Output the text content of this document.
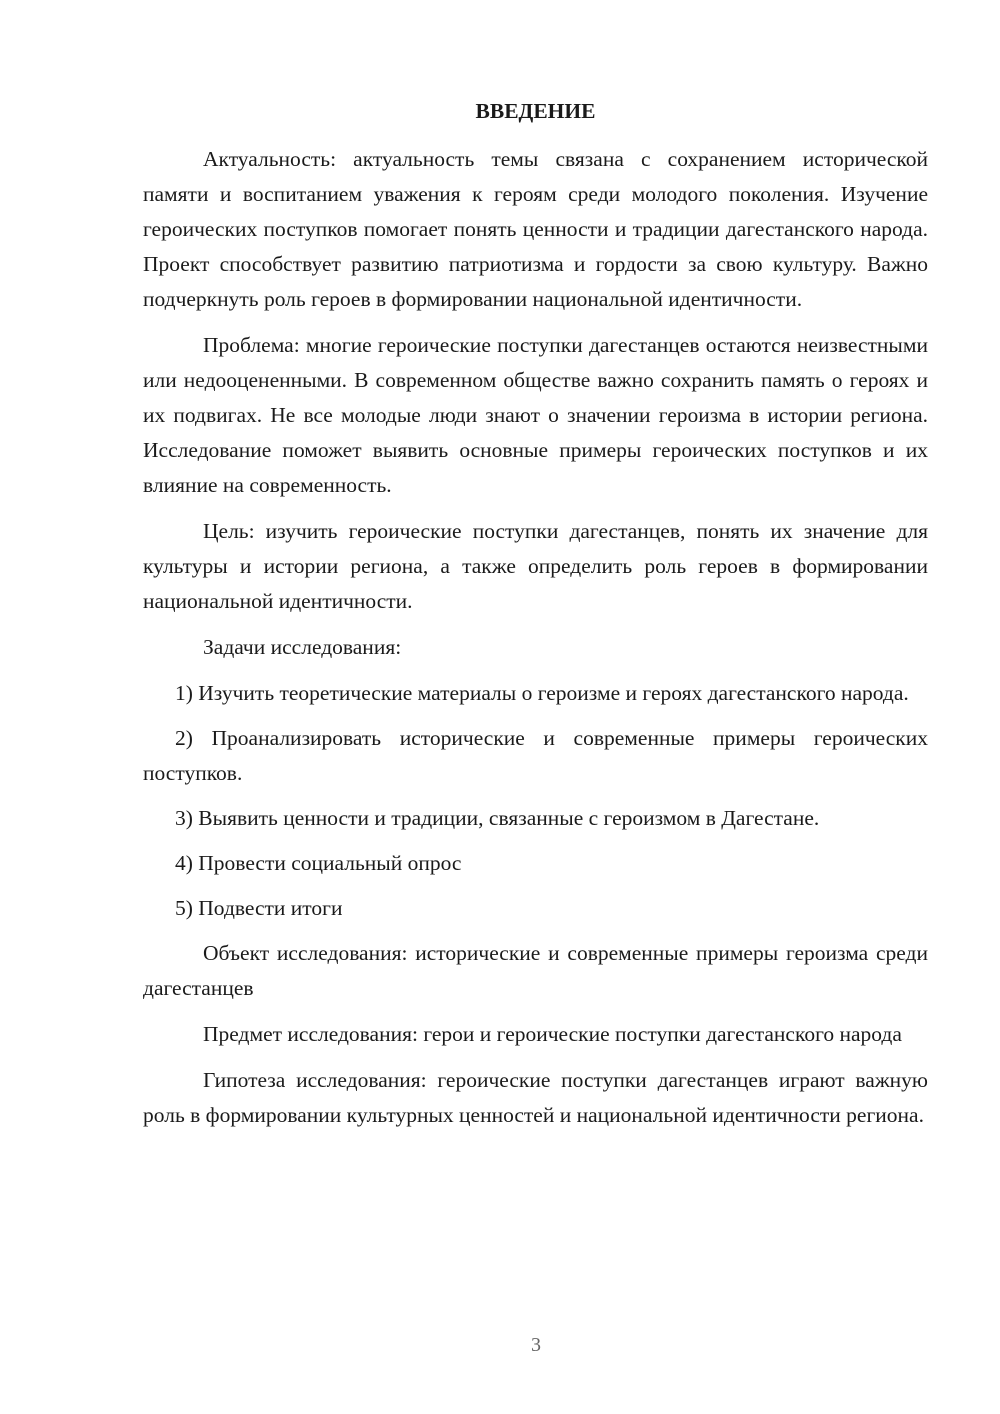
ВВЕДЕНИЕ

Актуальность: актуальность темы связана с сохранением исторической памяти и воспитанием уважения к героям среди молодого поколения. Изучение героических поступков помогает понять ценности и традиции дагестанского народа. Проект способствует развитию патриотизма и гордости за свою культуру. Важно подчеркнуть роль героев в формировании национальной идентичности.

Проблема: многие героические поступки дагестанцев остаются неизвестными или недооцененными. В современном обществе важно сохранить память о героях и их подвигах. Не все молодые люди знают о значении героизма в истории региона. Исследование поможет выявить основные примеры героических поступков и их влияние на современность.

Цель: изучить героические поступки дагестанцев, понять их значение для культуры и истории региона, а также определить роль героев в формировании национальной идентичности.

Задачи исследования:

1) Изучить теоретические материалы о героизме и героях дагестанского народа.

2) Проанализировать исторические и современные примеры героических поступков.

3) Выявить ценности и традиции, связанные с героизмом в Дагестане.

4) Провести социальный опрос

5) Подвести итоги

Объект исследования: исторические и современные примеры героизма среди дагестанцев

Предмет исследования: герои и героические поступки дагестанского народа

Гипотеза исследования: героические поступки дагестанцев играют важную роль в формировании культурных ценностей и национальной идентичности региона.

3
